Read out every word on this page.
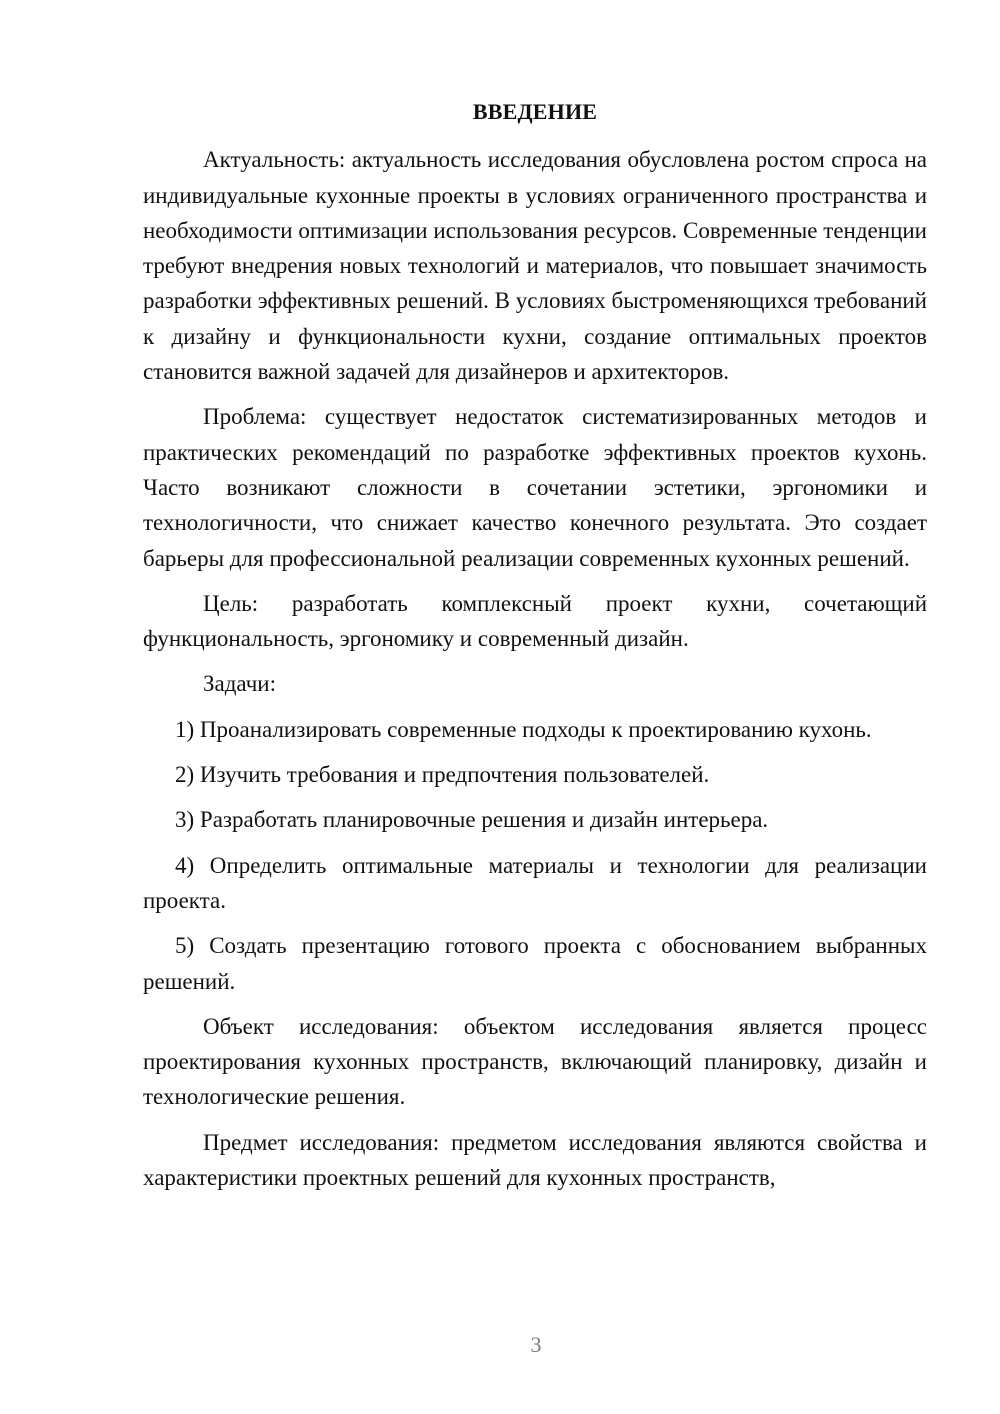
ВВЕДЕНИЕ

Актуальность: актуальность исследования обусловлена ростом спроса на индивидуальные кухонные проекты в условиях ограниченного пространства и необходимости оптимизации использования ресурсов. Современные тенденции требуют внедрения новых технологий и материалов, что повышает значимость разработки эффективных решений. В условиях быстроменяющихся требований к дизайну и функциональности кухни, создание оптимальных проектов становится важной задачей для дизайнеров и архитекторов.

Проблема: существует недостаток систематизированных методов и практических рекомендаций по разработке эффективных проектов кухонь. Часто возникают сложности в сочетании эстетики, эргономики и технологичности, что снижает качество конечного результата. Это создает барьеры для профессиональной реализации современных кухонных решений.

Цель: разработать комплексный проект кухни, сочетающий функциональность, эргономику и современный дизайн.

Задачи:

1) Проанализировать современные подходы к проектированию кухонь.

2) Изучить требования и предпочтения пользователей.

3) Разработать планировочные решения и дизайн интерьера.

4) Определить оптимальные материалы и технологии для реализации проекта.

5) Создать презентацию готового проекта с обоснованием выбранных решений.

Объект исследования: объектом исследования является процесс проектирования кухонных пространств, включающий планировку, дизайн и технологические решения.

Предмет исследования: предметом исследования являются свойства и характеристики проектных решений для кухонных пространств,

3
